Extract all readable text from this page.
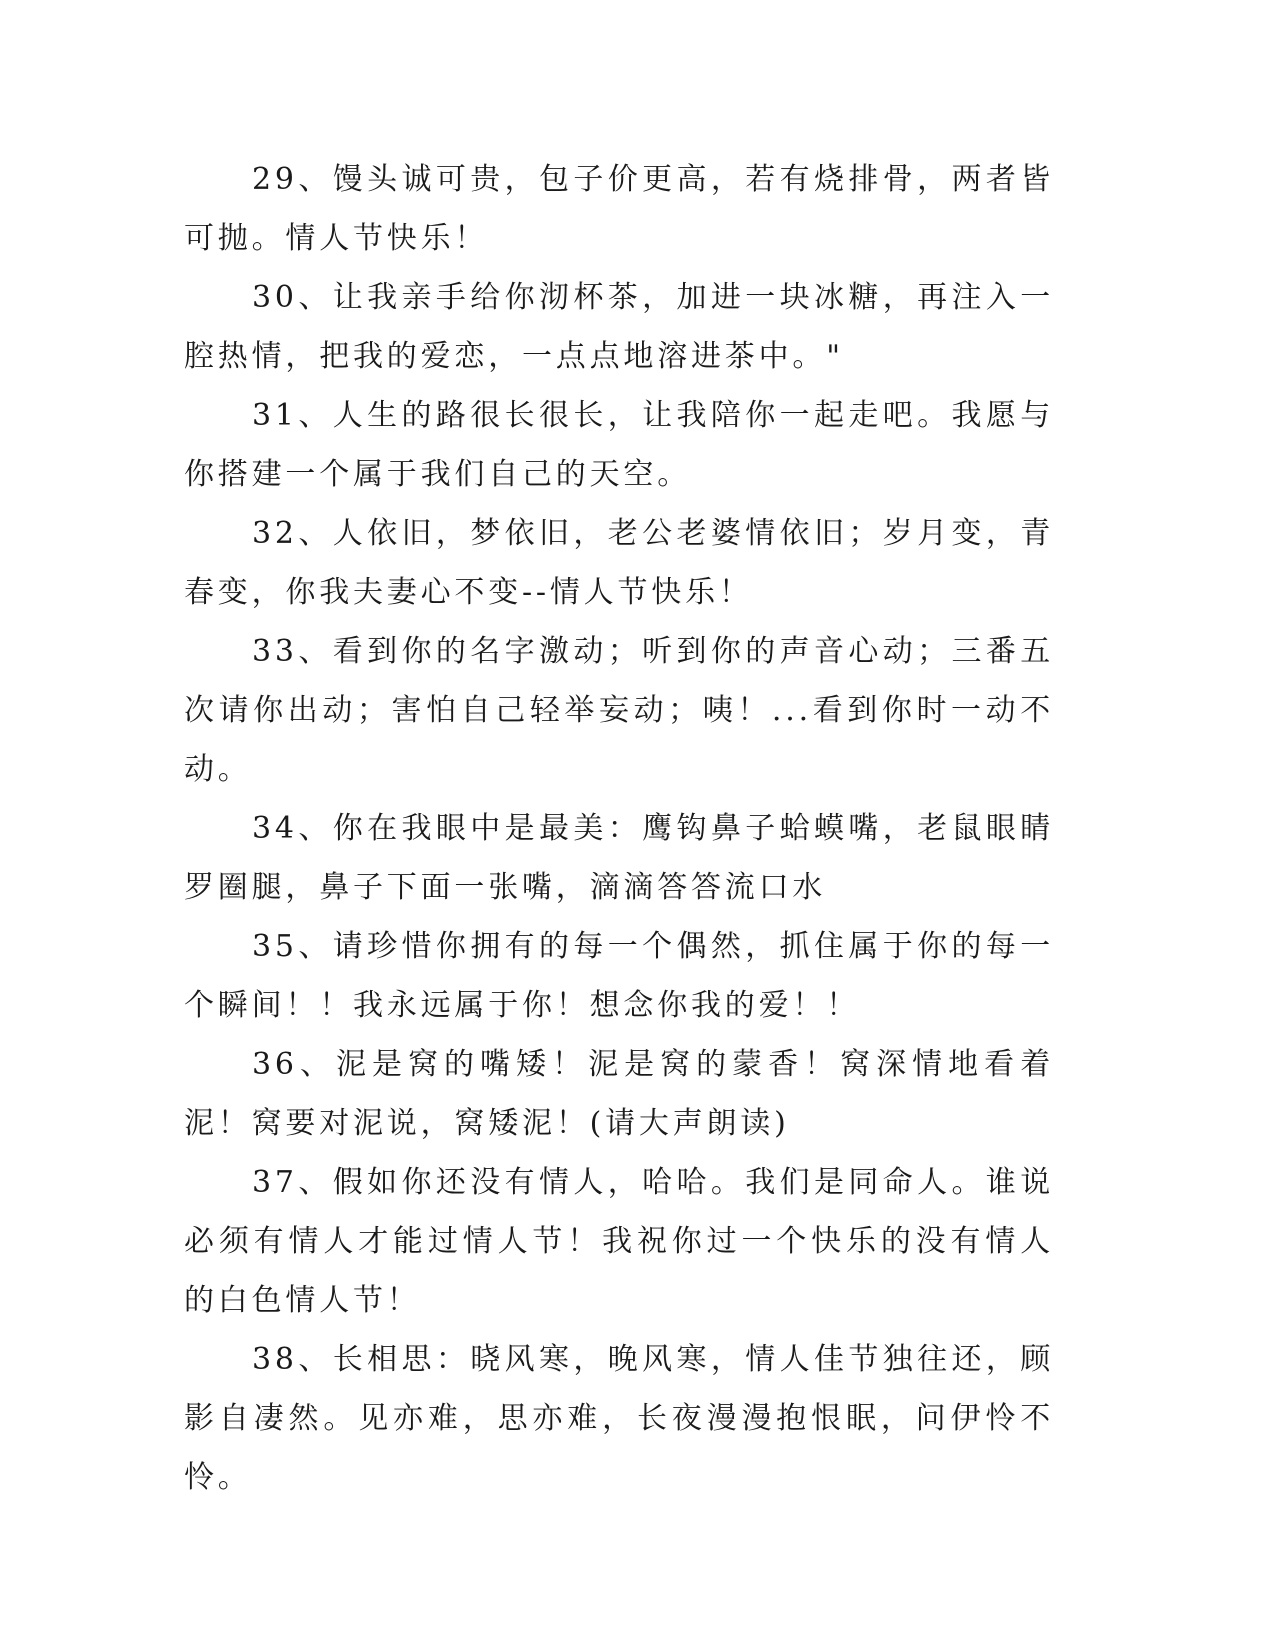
29、馒头诚可贵，包子价更高，若有烧排骨，两者皆可抛。情人节快乐！

30、让我亲手给你沏杯茶，加进一块冰糖，再注入一腔热情，把我的爱恋，一点点地溶进茶中。"

31、人生的路很长很长，让我陪你一起走吧。我愿与你搭建一个属于我们自己的天空。

32、人依旧，梦依旧，老公老婆情依旧；岁月变，青春变，你我夫妻心不变--情人节快乐！

33、看到你的名字激动；听到你的声音心动；三番五次请你出动；害怕自己轻举妄动；咦！...看到你时一动不动。

34、你在我眼中是最美：鹰钩鼻子蛤蟆嘴，老鼠眼睛罗圈腿，鼻子下面一张嘴，滴滴答答流口水

35、请珍惜你拥有的每一个偶然，抓住属于你的每一个瞬间！！我永远属于你！想念你我的爱！！

36、泥是窝的嘴矮！泥是窝的蒙香！窝深情地看着泥！窝要对泥说，窝矮泥！(请大声朗读)

37、假如你还没有情人，哈哈。我们是同命人。谁说必须有情人才能过情人节！我祝你过一个快乐的没有情人的白色情人节！

38、长相思：晓风寒，晚风寒，情人佳节独往还，顾影自凄然。见亦难，思亦难，长夜漫漫抱恨眠，问伊怜不怜。
